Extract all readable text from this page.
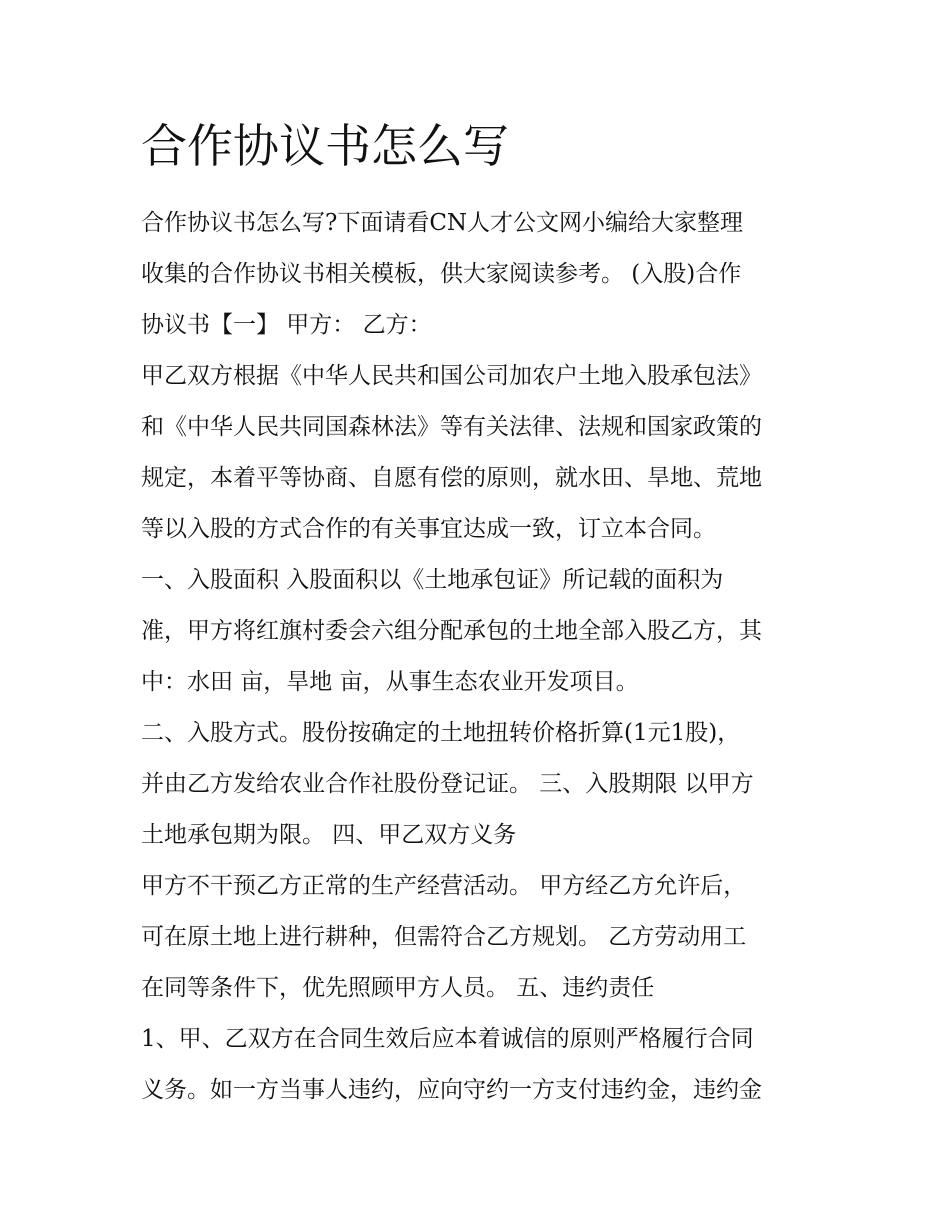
合作协议书怎么写

合作协议书怎么写?下面请看CN人才公文网小编给大家整理

收集的合作协议书相关模板，供大家阅读参考。 (入股)合作

协议书【一】 甲方： 乙方：

甲乙双方根据《中华人民共和国公司加农户土地入股承包法》

和《中华人民共同国森林法》等有关法律、法规和国家政策的

规定，本着平等协商、自愿有偿的原则，就水田、旱地、荒地

等以入股的方式合作的有关事宜达成一致，订立本合同。

一、入股面积 入股面积以《土地承包证》所记载的面积为

准，甲方将红旗村委会六组分配承包的土地全部入股乙方，其

中：水田 亩，旱地 亩，从事生态农业开发项目。

二、入股方式。股份按确定的土地扭转价格折算(1元1股)，

并由乙方发给农业合作社股份登记证。 三、入股期限 以甲方

土地承包期为限。 四、甲乙双方义务

甲方不干预乙方正常的生产经营活动。 甲方经乙方允许后，

可在原土地上进行耕种，但需符合乙方规划。 乙方劳动用工

在同等条件下，优先照顾甲方人员。 五、违约责任

1、甲、乙双方在合同生效后应本着诚信的原则严格履行合同

义务。如一方当事人违约，应向守约一方支付违约金，违约金
